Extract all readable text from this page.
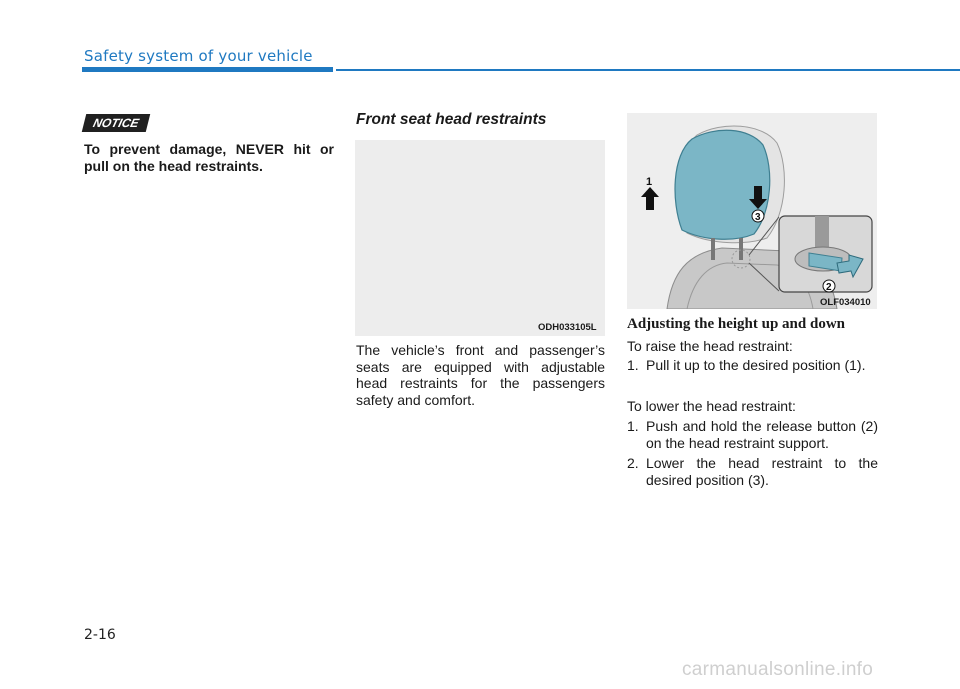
Safety system of your vehicle
NOTICE
To prevent damage, NEVER hit or pull on the head restraints.
Front seat head restraints
ODH033105L
The vehicle’s front and passenger’s seats are equipped with adjustable head restraints for the passengers safety and comfort.
1
3
2
OLF034010
Adjusting the height up and down
To raise the head restraint:
1. Pull it up to the desired position (1).
To lower the head restraint:
1. Push and hold the release button (2) on the head restraint support.
2. Lower the head restraint to the desired position (3).
2-16
carmanualsonline.info
